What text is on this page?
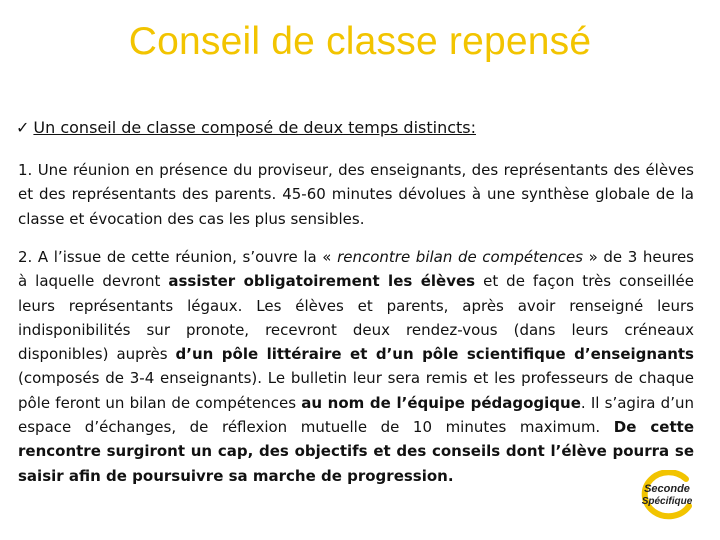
Conseil de classe repensé
✓ Un conseil de classe composé de deux temps distincts:
1. Une réunion en présence du proviseur, des enseignants, des représentants des élèves et des représentants des parents. 45-60 minutes dévolues à une synthèse globale de la classe et évocation des cas les plus sensibles.
2. A l’issue de cette réunion, s’ouvre la « rencontre bilan de compétences » de 3 heures à laquelle devront assister obligatoirement les élèves et de façon très conseillée leurs représentants légaux. Les élèves et parents, après avoir renseigné leurs indisponibilités sur pronote, recevront deux rendez-vous (dans leurs créneaux disponibles) auprès d’un pôle littéraire et d’un pôle scientifique d’enseignants (composés de 3-4 enseignants). Le bulletin leur sera remis et les professeurs de chaque pôle feront un bilan de compétences au nom de l’équipe pédagogique. Il s’agira d’un espace d’échanges, de réflexion mutuelle de 10 minutes maximum. De cette rencontre surgiront un cap, des objectifs et des conseils dont l’élève pourra se saisir afin de poursuivre sa marche de progression.
Seconde
Spécifique
